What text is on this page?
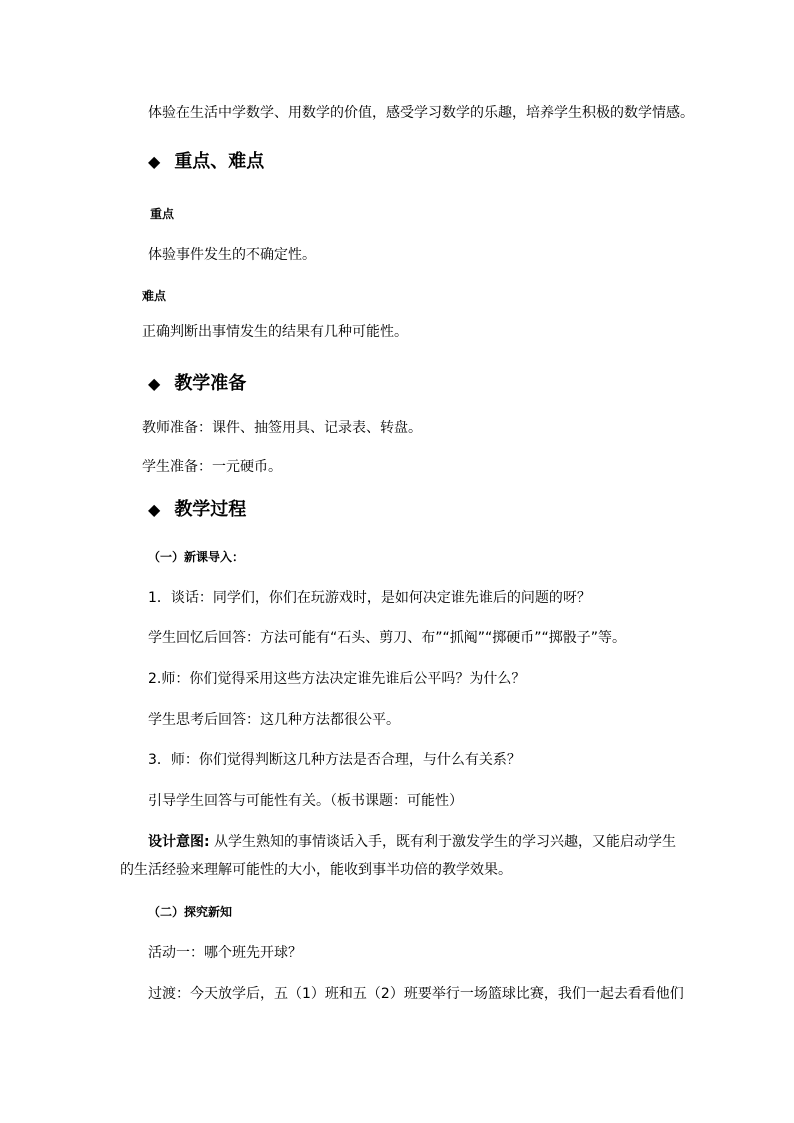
体验在生活中学数学、用数学的价值，感受学习数学的乐趣，培养学生积极的数学情感。
◆ 重点、难点
重点
体验事件发生的不确定性。
难点
正确判断出事情发生的结果有几种可能性。
◆ 教学准备
教师准备：课件、抽签用具、记录表、转盘。
学生准备：一元硬币。
◆ 教学过程
（一）新课导入：
1．谈话：同学们，你们在玩游戏时，是如何决定谁先谁后的问题的呀？
学生回忆后回答：方法可能有“石头、剪刀、布”“抓阄”“掷硬币”“掷骰子”等。
2.师：你们觉得采用这些方法决定谁先谁后公平吗？为什么？
学生思考后回答：这几种方法都很公平。
3．师：你们觉得判断这几种方法是否合理，与什么有关系？
引导学生回答与可能性有关。（板书课题：可能性）
设计意图: 从学生熟知的事情谈话入手，既有利于激发学生的学习兴趣，又能启动学生
的生活经验来理解可能性的大小，能收到事半功倍的教学效果。
（二）探究新知
活动一：哪个班先开球？
过渡：今天放学后，五（1）班和五（2）班要举行一场篮球比赛，我们一起去看看他们
